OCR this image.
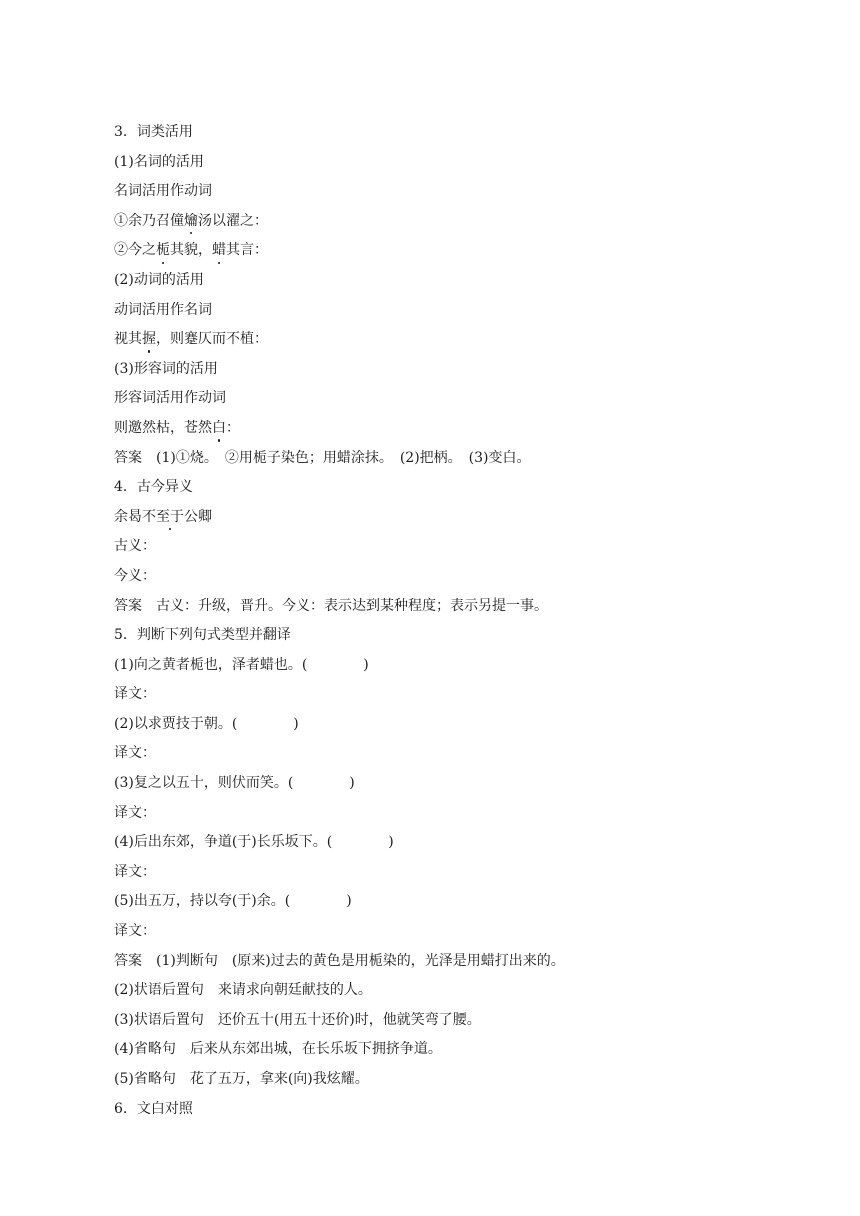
3．词类活用
(1)名词的活用
名词活用作动词
①余乃召僮爚汤以濯之：
②今之栀其貌，蜡其言：
(2)动词的活用
动词活用作名词
视其握，则蹇仄而不植：
(3)形容词的活用
形容词活用作动词
则邀然枯，苍然白：
答案　(1)①烧。　②用栀子染色；用蜡涂抹。　(2)把柄。　(3)变白。
4．古今异义
余曷不至于公卿
古义：
今义：
答案　古义：升级，晋升。今义：表示达到某种程度；表示另提一事。
5．判断下列句式类型并翻译
(1)向之黄者栀也，泽者蜡也。(　　　　)
译文：
(2)以求贾技于朝。(　　　　)
译文：
(3)复之以五十，则伏而笑。(　　　　)
译文：
(4)后出东郊，争道(于)长乐坂下。(　　　　)
译文：
(5)出五万，持以夸(于)余。(　　　　)
译文：
答案　(1)判断句　(原来)过去的黄色是用栀染的，光泽是用蜡打出来的。
(2)状语后置句　来请求向朝廷献技的人。
(3)状语后置句　还价五十(用五十还价)时，他就笑弯了腰。
(4)省略句　后来从东郊出城，在长乐坂下拥挤争道。
(5)省略句　花了五万，拿来(向)我炫耀。
6．文白对照
